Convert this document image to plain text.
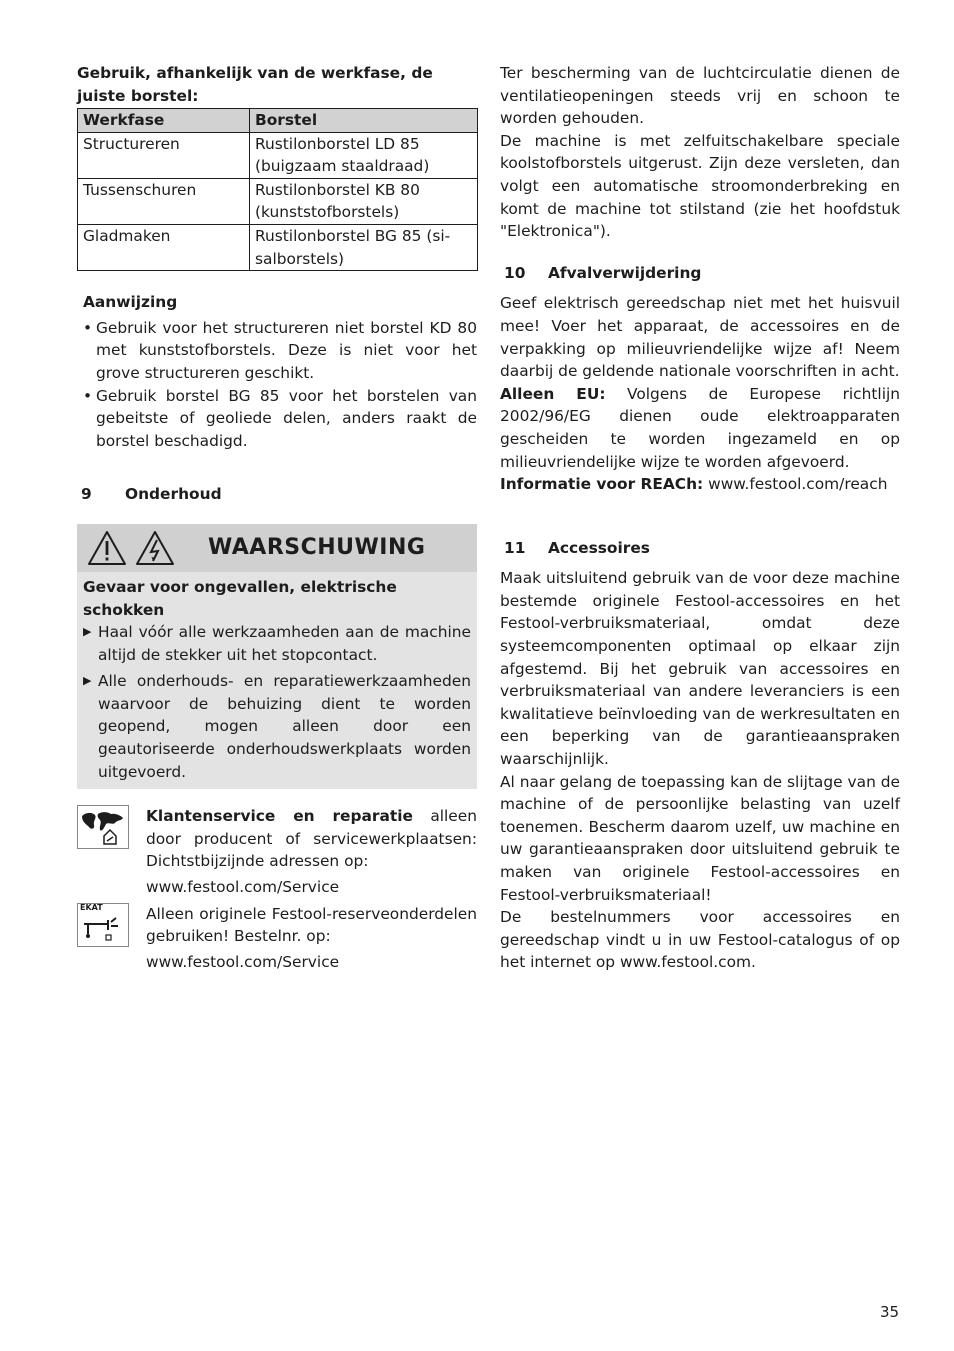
Gebruik, afhankelijk van de werkfase, de juiste borstel:
Werkfase	Borstel
Structureren	Rustilonborstel LD 85 (buigzaam staaldraad)
Tussenschuren	Rustilonborstel KB 80 (kunststofborstels)
Gladmaken	Rustilonborstel BG 85 (si-salborstels)
Aanwijzing
• Gebruik voor het structureren niet borstel KD 80 met kunststofborstels. Deze is niet voor het grove structureren geschikt.
• Gebruik borstel BG 85 voor het borstelen van gebeitste of geoliede delen, anders raakt de borstel beschadigd.
9	Onderhoud
WAARSCHUWING
Gevaar voor ongevallen, elektrische schokken
▶ Haal vóór alle werkzaamheden aan de machine altijd de stekker uit het stopcontact.
▶ Alle onderhouds- en reparatiewerkzaamheden waarvoor de behuizing dient te worden geopend, mogen alleen door een geautoriseerde onderhoudswerkplaats worden uitgevoerd.
Klantenservice en reparatie alleen door producent of servicewerkplaatsen: Dichtstbijzijnde adressen op:
www.festool.com/Service
EKAT	Alleen originele Festool-reserveonderdelen gebruiken! Bestelnr. op:
www.festool.com/Service
Ter bescherming van de luchtcirculatie dienen de ventilatieopeningen steeds vrij en schoon te worden gehouden.
De machine is met zelfuitschakelbare speciale koolstofborstels uitgerust. Zijn deze versleten, dan volgt een automatische stroomonderbreking en komt de machine tot stilstand (zie het hoofdstuk "Elektronica").
10	Afvalverwijdering
Geef elektrisch gereedschap niet met het huisvuil mee! Voer het apparaat, de accessoires en de verpakking op milieuvriendelijke wijze af! Neem daarbij de geldende nationale voorschriften in acht.
Alleen EU: Volgens de Europese richtlijn 2002/96/EG dienen oude elektroapparaten gescheiden te worden ingezameld en op milieuvriendelijke wijze te worden afgevoerd.
Informatie voor REACh: www.festool.com/reach
11	Accessoires
Maak uitsluitend gebruik van de voor deze machine bestemde originele Festool-accessoires en het Festool-verbruiksmateriaal, omdat deze systeemcomponenten optimaal op elkaar zijn afgestemd. Bij het gebruik van accessoires en verbruiksmateriaal van andere leveranciers is een kwalitatieve beïnvloeding van de werkresultaten en een beperking van de garantieaanspraken waarschijnlijk.
Al naar gelang de toepassing kan de slijtage van de machine of de persoonlijke belasting van uzelf toenemen. Bescherm daarom uzelf, uw machine en uw garantieaanspraken door uitsluitend gebruik te maken van originele Festool-accessoires en Festool-verbruiksmateriaal!
De bestelnummers voor accessoires en gereedschap vindt u in uw Festool-catalogus of op het internet op www.festool.com.
35
